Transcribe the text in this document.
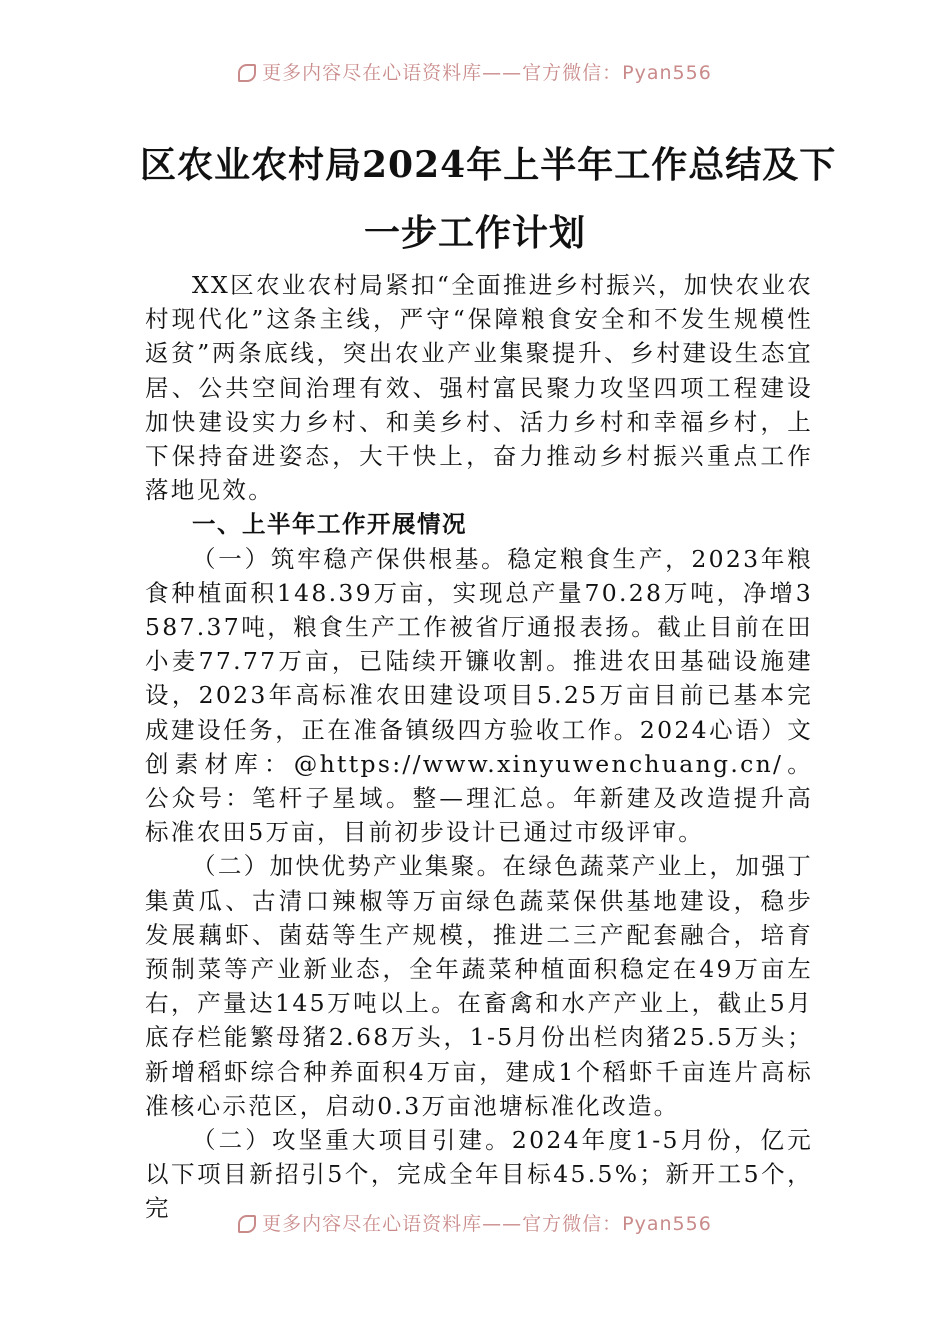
更多内容尽在心语资料库——官方微信：Pyan556
区农业农村局2024年上半年工作总结及下
一步工作计划

XX区农业农村局紧扣“全面推进乡村振兴，加快农业农村现代化”这条主线，严守“保障粮食安全和不发生规模性返贫”两条底线，突出农业产业集聚提升、乡村建设生态宜居、公共空间治理有效、强村富民聚力攻坚四项工程建设加快建设实力乡村、和美乡村、活力乡村和幸福乡村，上下保持奋进姿态，大干快上，奋力推动乡村振兴重点工作落地见效。

一、上半年工作开展情况

（一）筑牢稳产保供根基。稳定粮食生产，2023年粮食种植面积148.39万亩，实现总产量70.28万吨，净增3587.37吨，粮食生产工作被省厅通报表扬。截止目前在田小麦77.77万亩，已陆续开镰收割。推进农田基础设施建设，2023年高标准农田建设项目5.25万亩目前已基本完成建设任务，正在准备镇级四方验收工作。2024心语）文创素材库：@https://www.xinyuwenchuang.cn/。公众号：笔杆子星域。整—理汇总。年新建及改造提升高标准农田5万亩，目前初步设计已通过市级评审。

（二）加快优势产业集聚。在绿色蔬菜产业上，加强丁集黄瓜、古清口辣椒等万亩绿色蔬菜保供基地建设，稳步发展藕虾、菌菇等生产规模，推进二三产配套融合，培育预制菜等产业新业态，全年蔬菜种植面积稳定在49万亩左右，产量达145万吨以上。在畜禽和水产产业上，截止5月底存栏能繁母猪2.68万头，1-5月份出栏肉猪25.5万头；新增稻虾综合种养面积4万亩，建成1个稻虾千亩连片高标准核心示范区，启动0.3万亩池塘标准化改造。

（二）攻坚重大项目引建。2024年度1-5月份，亿元以下项目新招引5个，完成全年目标45.5%；新开工5个，完

更多内容尽在心语资料库——官方微信：Pyan556
